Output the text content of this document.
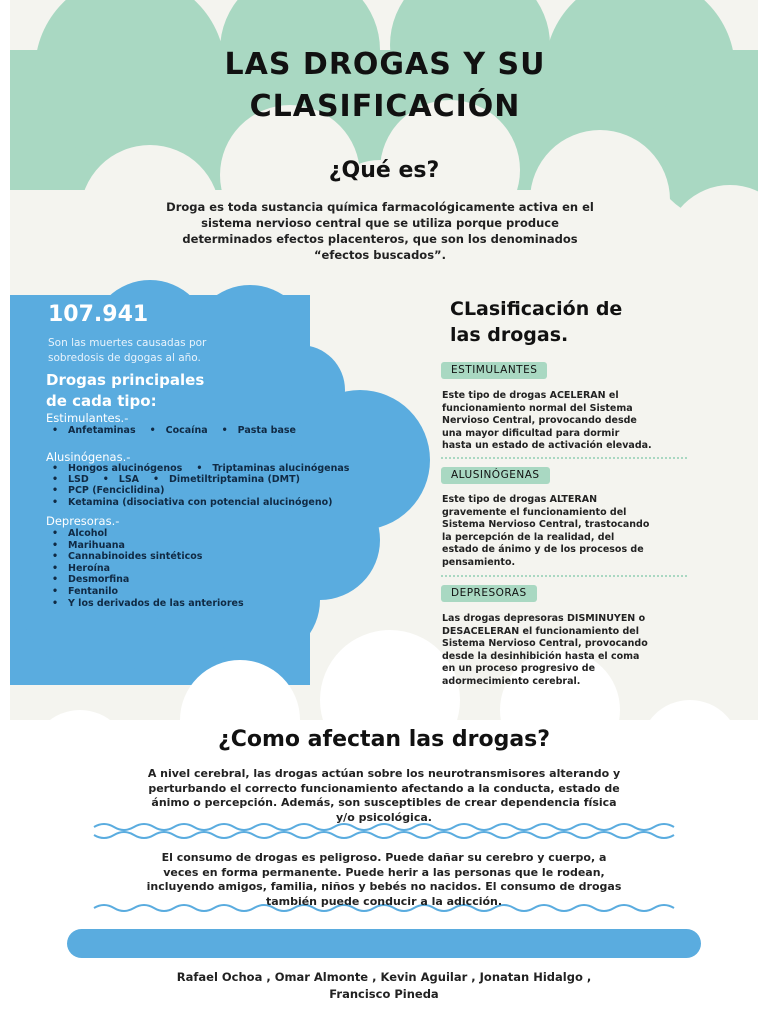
LAS DROGAS Y SU
CLASIFICACIÓN
¿Qué es?
Droga es toda sustancia química farmacológicamente activa en el
sistema nervioso central que se utiliza porque produce
determinados efectos placenteros, que son los denominados
“efectos buscados”.
107.941
Son las muertes causadas por
sobredosis de dgogas al año.
Drogas principales
de cada tipo:
Estimulantes.-
• Anfetaminas	• Cocaína	• Pasta base
Alusinógenas.-
• Hongos alucinógenos	• Triptaminas alucinógenas
• LSD	• LSA	• Dimetiltriptamina (DMT)
• PCP (Fenciclidina)
• Ketamina (disociativa con potencial alucinógeno)
Depresoras.-
• Alcohol
• Marihuana
• Cannabinoides sintéticos
• Heroína
• Desmorfina
• Fentanilo
• Y los derivados de las anteriores
CLasificación de
las drogas.
ESTIMULANTES
Este tipo de drogas ACELERAN el
funcionamiento normal del Sistema
Nervioso Central, provocando desde
una mayor dificultad para dormir
hasta un estado de activación elevada.
ALUSINÓGENAS
Este tipo de drogas ALTERAN
gravemente el funcionamiento del
Sistema Nervioso Central, trastocando
la percepción de la realidad, del
estado de ánimo y de los procesos de
pensamiento.
DEPRESORAS
Las drogas depresoras DISMINUYEN o
DESACELERAN el funcionamiento del
Sistema Nervioso Central, provocando
desde la desinhibición hasta el coma
en un proceso progresivo de
adormecimiento cerebral.
¿Como afectan las drogas?
A nivel cerebral, las drogas actúan sobre los neurotransmisores alterando y
perturbando el correcto funcionamiento afectando a la conducta, estado de
ánimo o percepción. Además, son susceptibles de crear dependencia física
y/o psicológica.
El consumo de drogas es peligroso. Puede dañar su cerebro y cuerpo, a
veces en forma permanente. Puede herir a las personas que le rodean,
incluyendo amigos, familia, niños y bebés no nacidos. El consumo de drogas
también puede conducir a la adicción.
Rafael Ochoa , Omar Almonte , Kevin Aguilar , Jonatan Hidalgo ,
Francisco Pineda
